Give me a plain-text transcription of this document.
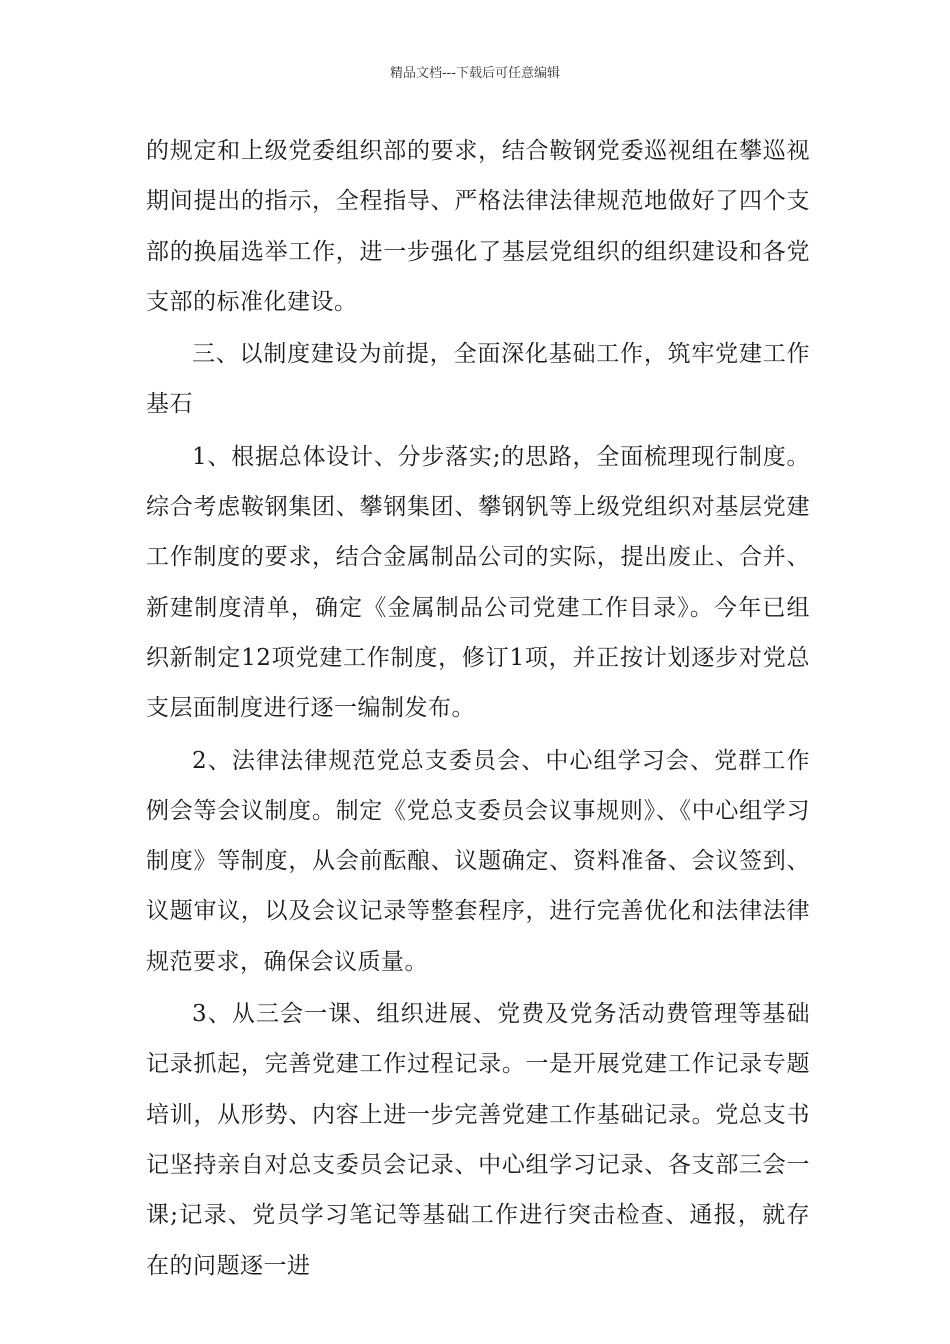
精品文档---下载后可任意编辑

的规定和上级党委组织部的要求，结合鞍钢党委巡视组在攀巡视期间提出的指示，全程指导、严格法律法律规范地做好了四个支部的换届选举工作，进一步强化了基层党组织的组织建设和各党支部的标准化建设。

三、以制度建设为前提，全面深化基础工作，筑牢党建工作基石

1、根据总体设计、分步落实;的思路，全面梳理现行制度。综合考虑鞍钢集团、攀钢集团、攀钢钒等上级党组织对基层党建工作制度的要求，结合金属制品公司的实际，提出废止、合并、新建制度清单，确定《金属制品公司党建工作目录》。今年已组织新制定12项党建工作制度，修订1项，并正按计划逐步对党总支层面制度进行逐一编制发布。

2、法律法律规范党总支委员会、中心组学习会、党群工作例会等会议制度。制定《党总支委员会议事规则》、《中心组学习制度》等制度，从会前酝酿、议题确定、资料准备、会议签到、议题审议，以及会议记录等整套程序，进行完善优化和法律法律规范要求，确保会议质量。

3、从三会一课、组织进展、党费及党务活动费管理等基础记录抓起，完善党建工作过程记录。一是开展党建工作记录专题培训，从形势、内容上进一步完善党建工作基础记录。党总支书记坚持亲自对总支委员会记录、中心组学习记录、各支部三会一课;记录、党员学习笔记等基础工作进行突击检查、通报，就存在的问题逐一进
